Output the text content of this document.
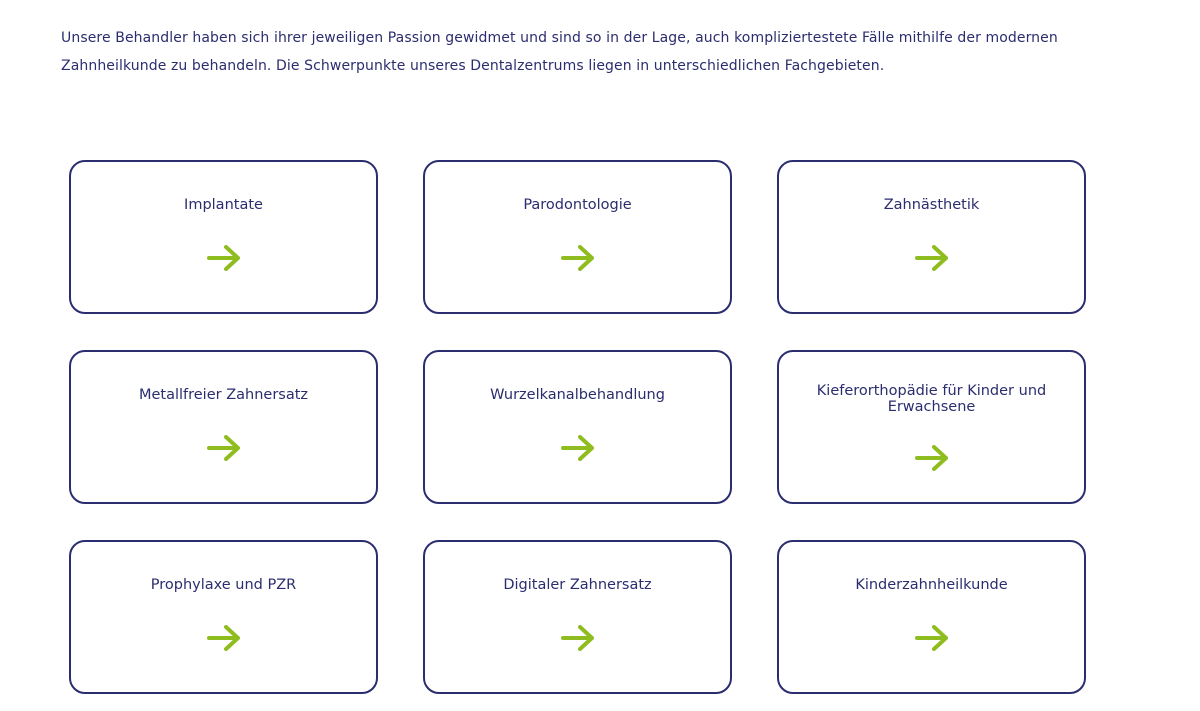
Unsere Behandler haben sich ihrer jeweiligen Passion gewidmet und sind so in der Lage, auch kompliziertestete Fälle mithilfe der modernen
Zahnheilkunde zu behandeln. Die Schwerpunkte unseres Dentalzentrums liegen in unterschiedlichen Fachgebieten.

Implantate	Parodontologie	Zahnästhetik
Metallfreier Zahnersatz	Wurzelkanalbehandlung	Kieferorthopädie für Kinder und Erwachsene
Prophylaxe und PZR	Digitaler Zahnersatz	Kinderzahnheilkunde
